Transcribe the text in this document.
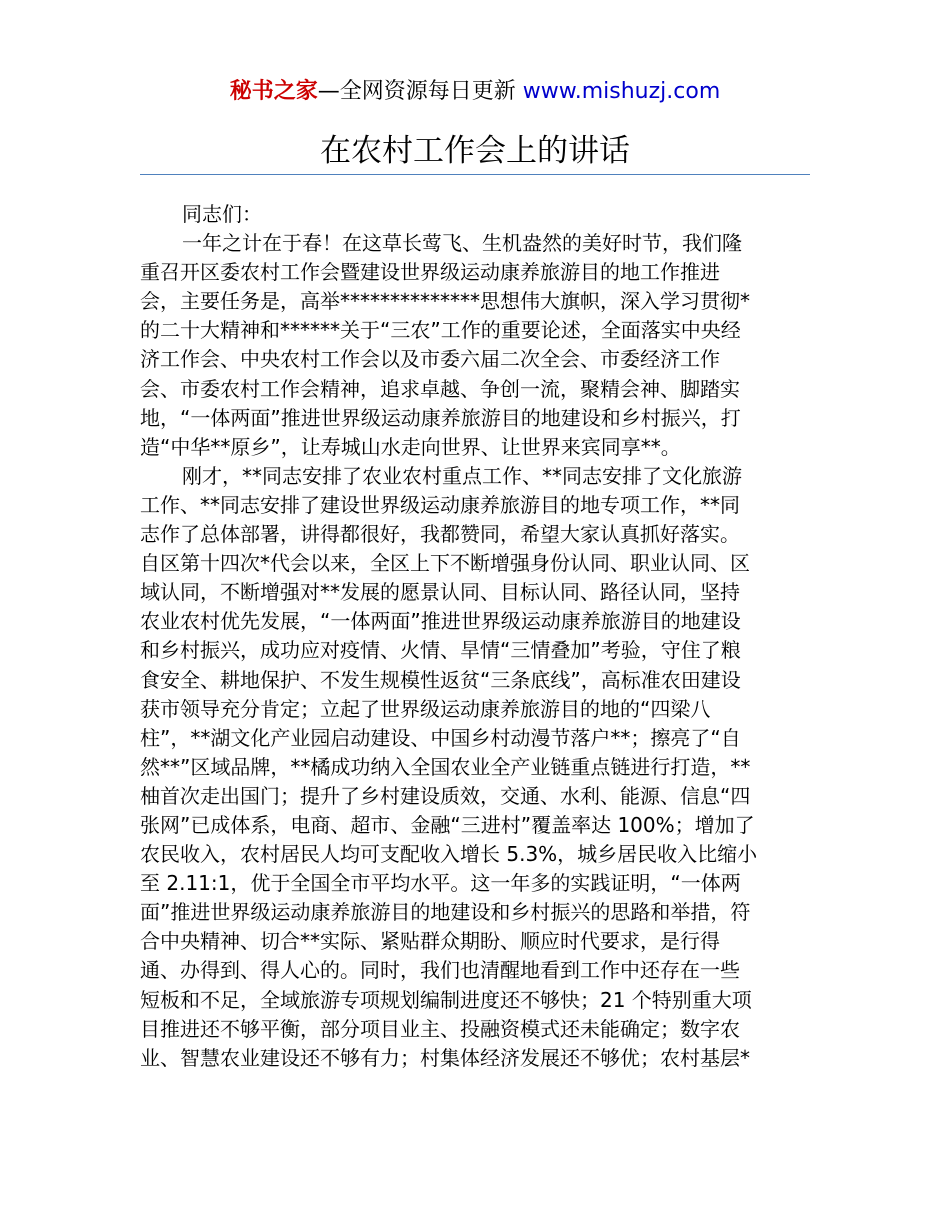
秘书之家—全网资源每日更新 www.mishuzj.com
在农村工作会上的讲话
同志们：
一年之计在于春！在这草长莺飞、生机盎然的美好时节，我们隆
重召开区委农村工作会暨建设世界级运动康养旅游目的地工作推进
会，主要任务是，高举**************思想伟大旗帜，深入学习贯彻*
的二十大精神和******关于“三农”工作的重要论述，全面落实中央经
济工作会、中央农村工作会以及市委六届二次全会、市委经济工作
会、市委农村工作会精神，追求卓越、争创一流，聚精会神、脚踏实
地，“一体两面”推进世界级运动康养旅游目的地建设和乡村振兴，打
造“中华**原乡”，让寿城山水走向世界、让世界来宾同享**。
刚才，**同志安排了农业农村重点工作、**同志安排了文化旅游
工作、**同志安排了建设世界级运动康养旅游目的地专项工作，**同
志作了总体部署，讲得都很好，我都赞同，希望大家认真抓好落实。
自区第十四次*代会以来，全区上下不断增强身份认同、职业认同、区
域认同，不断增强对**发展的愿景认同、目标认同、路径认同，坚持
农业农村优先发展，“一体两面”推进世界级运动康养旅游目的地建设
和乡村振兴，成功应对疫情、火情、旱情“三情叠加”考验，守住了粮
食安全、耕地保护、不发生规模性返贫“三条底线”，高标准农田建设
获市领导充分肯定；立起了世界级运动康养旅游目的地的“四梁八
柱”，**湖文化产业园启动建设、中国乡村动漫节落户**；擦亮了“自
然**”区域品牌，**橘成功纳入全国农业全产业链重点链进行打造，**
柚首次走出国门；提升了乡村建设质效，交通、水利、能源、信息“四
张网”已成体系，电商、超市、金融“三进村”覆盖率达 100%；增加了
农民收入，农村居民人均可支配收入增长 5.3%，城乡居民收入比缩小
至 2.11:1，优于全国全市平均水平。这一年多的实践证明，“一体两
面”推进世界级运动康养旅游目的地建设和乡村振兴的思路和举措，符
合中央精神、切合**实际、紧贴群众期盼、顺应时代要求，是行得
通、办得到、得人心的。同时，我们也清醒地看到工作中还存在一些
短板和不足，全域旅游专项规划编制进度还不够快；21 个特别重大项
目推进还不够平衡，部分项目业主、投融资模式还未能确定；数字农
业、智慧农业建设还不够有力；村集体经济发展还不够优；农村基层*
